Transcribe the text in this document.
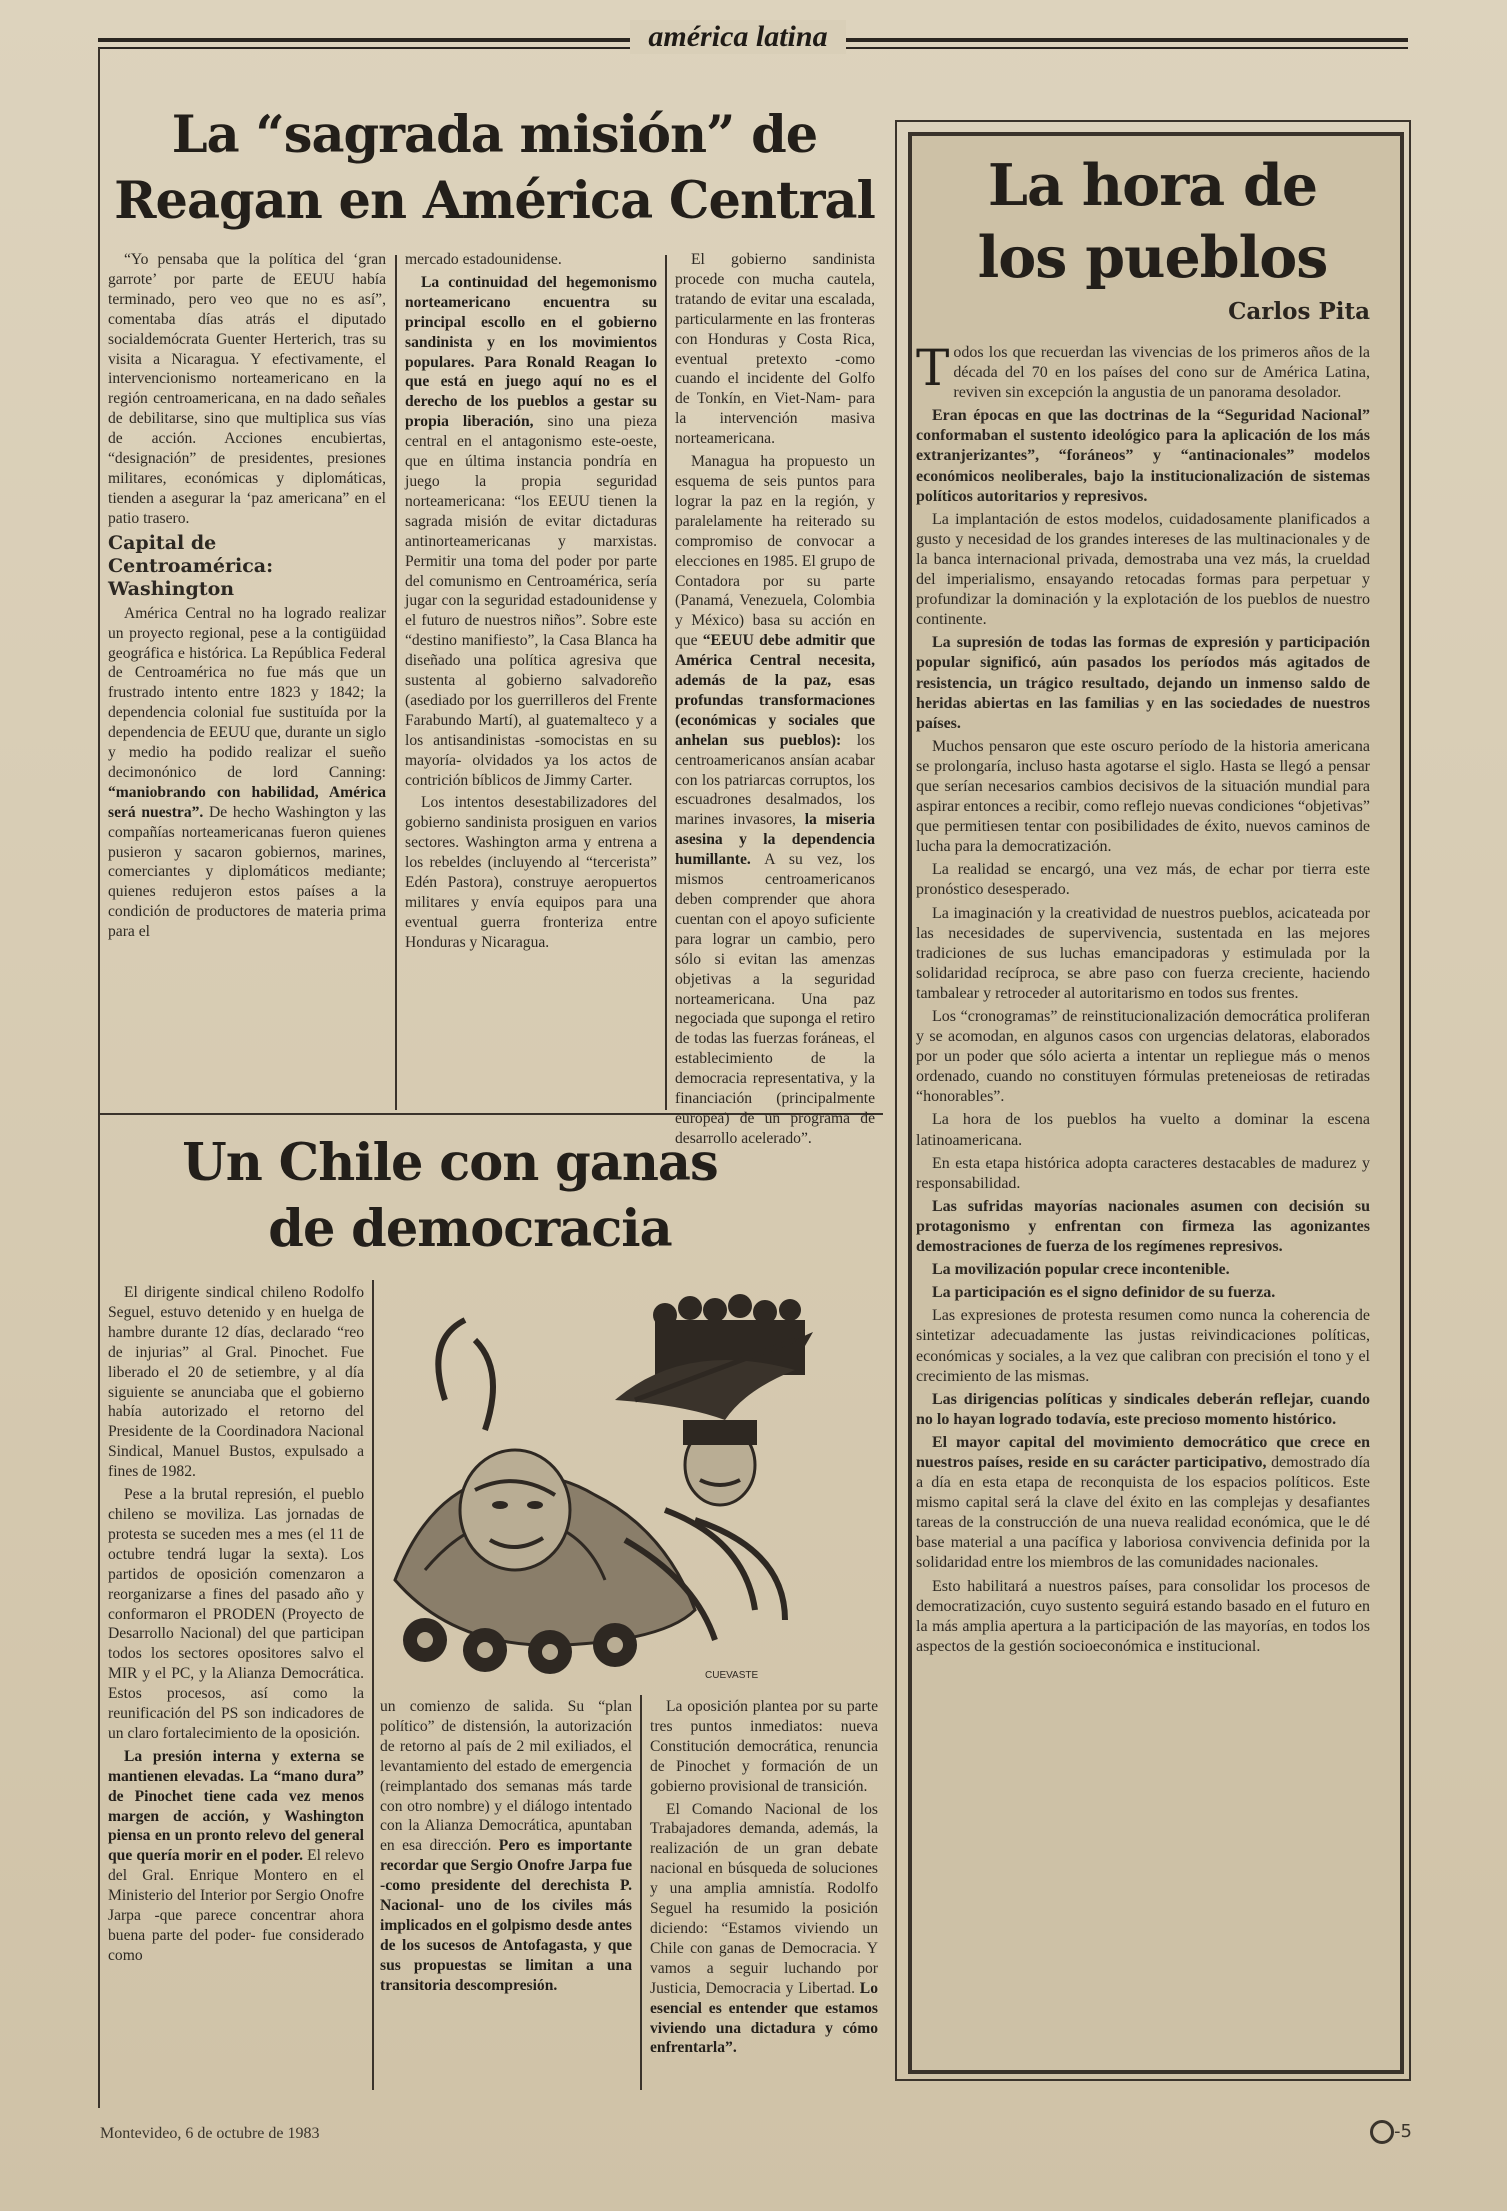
américa latina
La “sagrada misión” de
Reagan en América Central

“Yo pensaba que la política del ‘gran garrote’ por parte de EEUU había terminado, pero veo que no es así”, comentaba días atrás el diputado socialdemócrata Guenter Herterich, tras su visita a Nicaragua. Y efectivamente, el intervencionismo norteamericano en la región centroamericana, en na dado señales de debilitarse, sino que multiplica sus vías de acción. Acciones encubiertas, “designación” de presidentes, presiones militares, económicas y diplomáticas, tienden a asegurar la ‘paz americana” en el patio trasero.

Capital de Centroamérica: Washington

América Central no ha logrado realizar un proyecto regional, pese a la contigüidad geográfica e histórica. La República Federal de Centroamérica no fue más que un frustrado intento entre 1823 y 1842; la dependencia colonial fue sustituída por la dependencia de EEUU que, durante un siglo y medio ha podido realizar el sueño decimonónico de lord Canning: “maniobrando con habilidad, América será nuestra”. De hecho Washington y las compañías norteamericanas fueron quienes pusieron y sacaron gobiernos, marines, comerciantes y diplomáticos mediante; quienes redujeron estos países a la condición de productores de materia prima para el

mercado estadounidense.

La continuidad del hegemonismo norteamericano encuentra su principal escollo en el gobierno sandinista y en los movimientos populares. Para Ronald Reagan lo que está en juego aquí no es el derecho de los pueblos a gestar su propia liberación, sino una pieza central en el antagonismo este-oeste, que en última instancia pondría en juego la propia seguridad norteamericana: “los EEUU tienen la sagrada misión de evitar dictaduras antinorteamericanas y marxistas. Permitir una toma del poder por parte del comunismo en Centroamérica, sería jugar con la seguridad estadounidense y el futuro de nuestros niños”. Sobre este “destino manifiesto”, la Casa Blanca ha diseñado una política agresiva que sustenta al gobierno salvadoreño (asediado por los guerrilleros del Frente Farabundo Martí), al guatemalteco y a los antisandinistas -somocistas en su mayoría- olvidados ya los actos de contrición bíblicos de Jimmy Carter.

Los intentos desestabilizadores del gobierno sandinista prosiguen en varios sectores. Washington arma y entrena a los rebeldes (incluyendo al “tercerista” Edén Pastora), construye aeropuertos militares y envía equipos para una eventual guerra fronteriza entre Honduras y Nicaragua.

El gobierno sandinista procede con mucha cautela, tratando de evitar una escalada, particularmente en las fronteras con Honduras y Costa Rica, eventual pretexto -como cuando el incidente del Golfo de Tonkín, en Viet-Nam- para la intervención masiva norteamericana.

Managua ha propuesto un esquema de seis puntos para lograr la paz en la región, y paralelamente ha reiterado su compromiso de convocar a elecciones en 1985. El grupo de Contadora por su parte (Panamá, Venezuela, Colombia y México) basa su acción en que “EEUU debe admitir que América Central necesita, además de la paz, esas profundas transformaciones (económicas y sociales que anhelan sus pueblos): los centroamericanos ansían acabar con los patriarcas corruptos, los escuadrones desalmados, los marines invasores, la miseria asesina y la dependencia humillante. A su vez, los mismos centroamericanos deben comprender que ahora cuentan con el apoyo suficiente para lograr un cambio, pero sólo si evitan las amenzas objetivas a la seguridad norteamericana. Una paz negociada que suponga el retiro de todas las fuerzas foráneas, el establecimiento de la democracia representativa, y la financiación (principalmente europea) de un programa de desarrollo acelerado”.

Un Chile con ganas
de democracia

El dirigente sindical chileno Rodolfo Seguel, estuvo detenido y en huelga de hambre durante 12 días, declarado “reo de injurias” al Gral. Pinochet. Fue liberado el 20 de setiembre, y al día siguiente se anunciaba que el gobierno había autorizado el retorno del Presidente de la Coordinadora Nacional Sindical, Manuel Bustos, expulsado a fines de 1982.

Pese a la brutal represión, el pueblo chileno se moviliza. Las jornadas de protesta se suceden mes a mes (el 11 de octubre tendrá lugar la sexta). Los partidos de oposición comenzaron a reorganizarse a fines del pasado año y conformaron el PRODEN (Proyecto de Desarrollo Nacional) del que participan todos los sectores opositores salvo el MIR y el PC, y la Alianza Democrática. Estos procesos, así como la reunificación del PS son indicadores de un claro fortalecimiento de la oposición.

La presión interna y externa se mantienen elevadas. La “mano dura” de Pinochet tiene cada vez menos margen de acción, y Washington piensa en un pronto relevo del general que quería morir en el poder. El relevo del Gral. Enrique Montero en el Ministerio del Interior por Sergio Onofre Jarpa -que parece concentrar ahora buena parte del poder- fue considerado como

CUEVASTE

un comienzo de salida. Su “plan político” de distensión, la autorización de retorno al país de 2 mil exiliados, el levantamiento del estado de emergencia (reimplantado dos semanas más tarde con otro nombre) y el diálogo intentado con la Alianza Democrática, apuntaban en esa dirección. Pero es importante recordar que Sergio Onofre Jarpa fue -como presidente del derechista P. Nacional- uno de los civiles más implicados en el golpismo desde antes de los sucesos de Antofagasta, y que sus propuestas se limitan a una transitoria descompresión.

La oposición plantea por su parte tres puntos inmediatos: nueva Constitución democrática, renuncia de Pinochet y formación de un gobierno provisional de transición.

El Comando Nacional de los Trabajadores demanda, además, la realización de un gran debate nacional en búsqueda de soluciones y una amplia amnistía. Rodolfo Seguel ha resumido la posición diciendo: “Estamos viviendo un Chile con ganas de Democracia. Y vamos a seguir luchando por Justicia, Democracia y Libertad. Lo esencial es entender que estamos viviendo una dictadura y cómo enfrentarla”.

La hora de
los pueblos
Carlos Pita

Todos los que recuerdan las vivencias de los primeros años de la década del 70 en los países del cono sur de América Latina, reviven sin excepción la angustia de un panorama desolador.

Eran épocas en que las doctrinas de la “Seguridad Nacional” conformaban el sustento ideológico para la aplicación de los más extranjerizantes”, “foráneos” y “antinacionales” modelos económicos neoliberales, bajo la institucionalización de sistemas políticos autoritarios y represivos.

La implantación de estos modelos, cuidadosamente planificados a gusto y necesidad de los grandes intereses de las multinacionales y de la banca internacional privada, demostraba una vez más, la crueldad del imperialismo, ensayando retocadas formas para perpetuar y profundizar la dominación y la explotación de los pueblos de nuestro continente.

La supresión de todas las formas de expresión y participación popular significó, aún pasados los períodos más agitados de resistencia, un trágico resultado, dejando un inmenso saldo de heridas abiertas en las familias y en las sociedades de nuestros países.

Muchos pensaron que este oscuro período de la historia americana se prolongaría, incluso hasta agotarse el siglo. Hasta se llegó a pensar que serían necesarios cambios decisivos de la situación mundial para aspirar entonces a recibir, como reflejo nuevas condiciones “objetivas” que permitiesen tentar con posibilidades de éxito, nuevos caminos de lucha para la democratización.

La realidad se encargó, una vez más, de echar por tierra este pronóstico desesperado.

La imaginación y la creatividad de nuestros pueblos, acicateada por las necesidades de supervivencia, sustentada en las mejores tradiciones de sus luchas emancipadoras y estimulada por la solidaridad recíproca, se abre paso con fuerza creciente, haciendo tambalear y retroceder al autoritarismo en todos sus frentes.

Los “cronogramas” de reinstitucionalización democrática proliferan y se acomodan, en algunos casos con urgencias delatoras, elaborados por un poder que sólo acierta a intentar un repliegue más o menos ordenado, cuando no constituyen fórmulas preteneiosas de retiradas “honorables”.

La hora de los pueblos ha vuelto a dominar la escena latinoamericana.

En esta etapa histórica adopta caracteres destacables de madurez y responsabilidad.

Las sufridas mayorías nacionales asumen con decisión su protagonismo y enfrentan con firmeza las agonizantes demostraciones de fuerza de los regímenes represivos.

La movilización popular crece incontenible.

La participación es el signo definidor de su fuerza.

Las expresiones de protesta resumen como nunca la coherencia de sintetizar adecuadamente las justas reivindicaciones políticas, económicas y sociales, a la vez que calibran con precisión el tono y el crecimiento de las mismas.

Las dirigencias políticas y sindicales deberán reflejar, cuando no lo hayan logrado todavía, este precioso momento histórico.

El mayor capital del movimiento democrático que crece en nuestros países, reside en su carácter participativo, demostrado día a día en esta etapa de reconquista de los espacios políticos. Este mismo capital será la clave del éxito en las complejas y desafiantes tareas de la construcción de una nueva realidad económica, que le dé base material a una pacífica y laboriosa convivencia definida por la solidaridad entre los miembros de las comunidades nacionales.

Esto habilitará a nuestros países, para consolidar los procesos de democratización, cuyo sustento seguirá estando basado en el futuro en la más amplia apertura a la participación de las mayorías, en todos los aspectos de la gestión socioeconómica e institucional.

Montevideo, 6 de octubre de 1983	-5
